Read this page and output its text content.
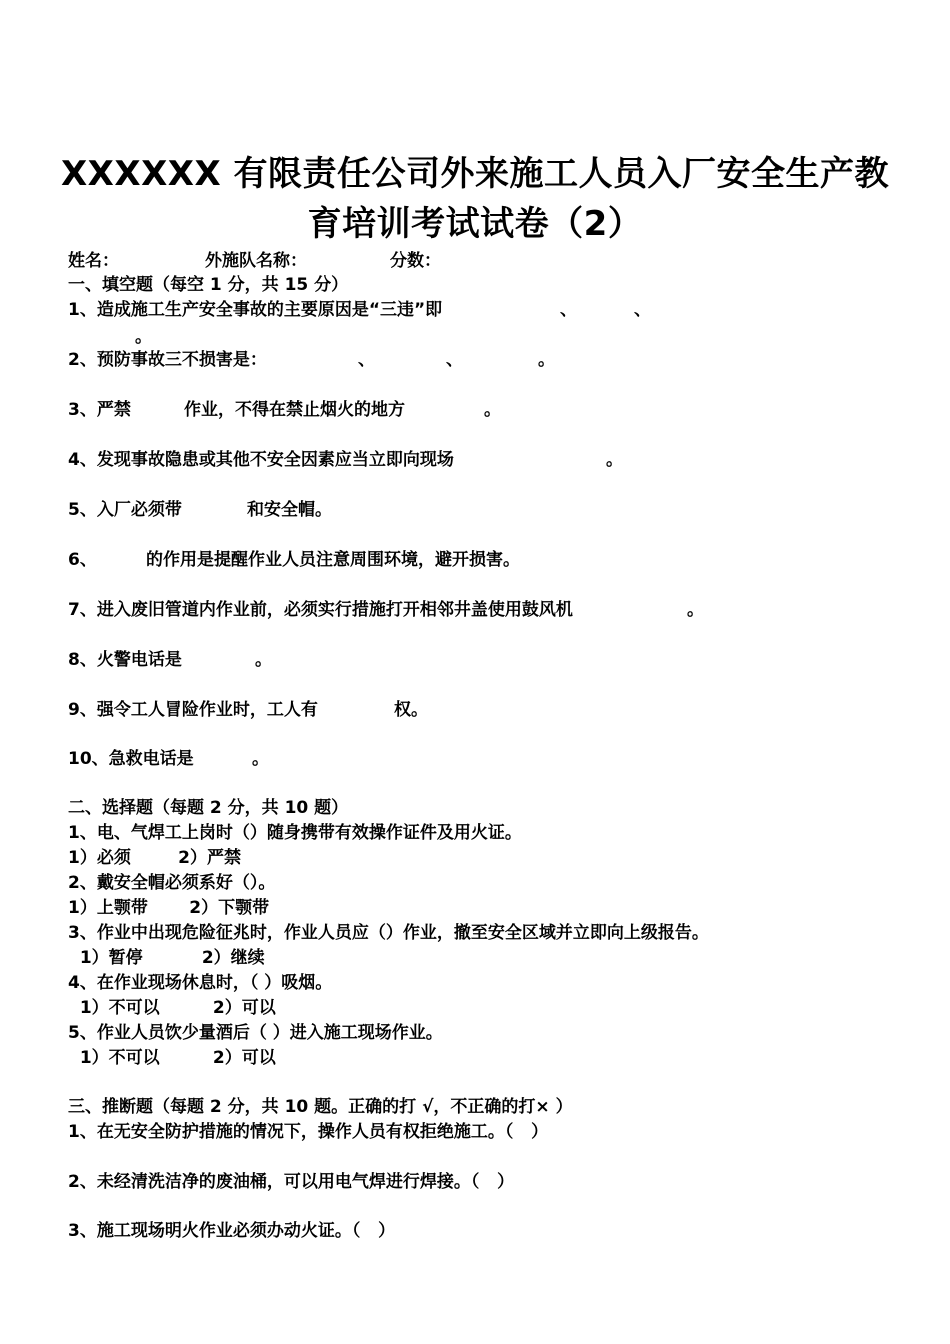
XXXXXX 有限责任公司外来施工人员入厂安全生产教
育培训考试试卷（2）
姓名：	外施队名称：	分数：
一、填空题（每空 1 分，共 15 分）
1、造成施工生产安全事故的主要原因是“三违”即	、	、
。
2、预防事故三不损害是：	、	、	。
3、严禁	作业，不得在禁止烟火的地方	。
4、发现事故隐患或其他不安全因素应当立即向现场	。
5、入厂必须带	和安全帽。
6、	的作用是提醒作业人员注意周围环境，避开损害。
7、进入废旧管道内作业前，必须实行措施打开相邻井盖使用鼓风机	。
8、火警电话是	。
9、强令工人冒险作业时，工人有	权。
10、急救电话是	。
二、选择题（每题 2 分，共 10 题）
1、电、气焊工上岗时（）随身携带有效操作证件及用火证。
1）必须        2）严禁
2、戴安全帽必须系好（）。
1）上颚带       2）下颚带
3、作业中出现危险征兆时，作业人员应（）作业，撤至安全区域并立即向上级报告。
1）暂停          2）继续
4、在作业现场休息时，（ ）吸烟。
1）不可以         2）可以
5、作业人员饮少量酒后（ ）进入施工现场作业。
1）不可以         2）可以
三、推断题（每题 2 分，共 10 题。正确的打 √，不正确的打× ）
1、在无安全防护措施的情况下，操作人员有权拒绝施工。（   ）
2、未经清洗洁净的废油桶，可以用电气焊进行焊接。（   ）
3、施工现场明火作业必须办动火证。（   ）
